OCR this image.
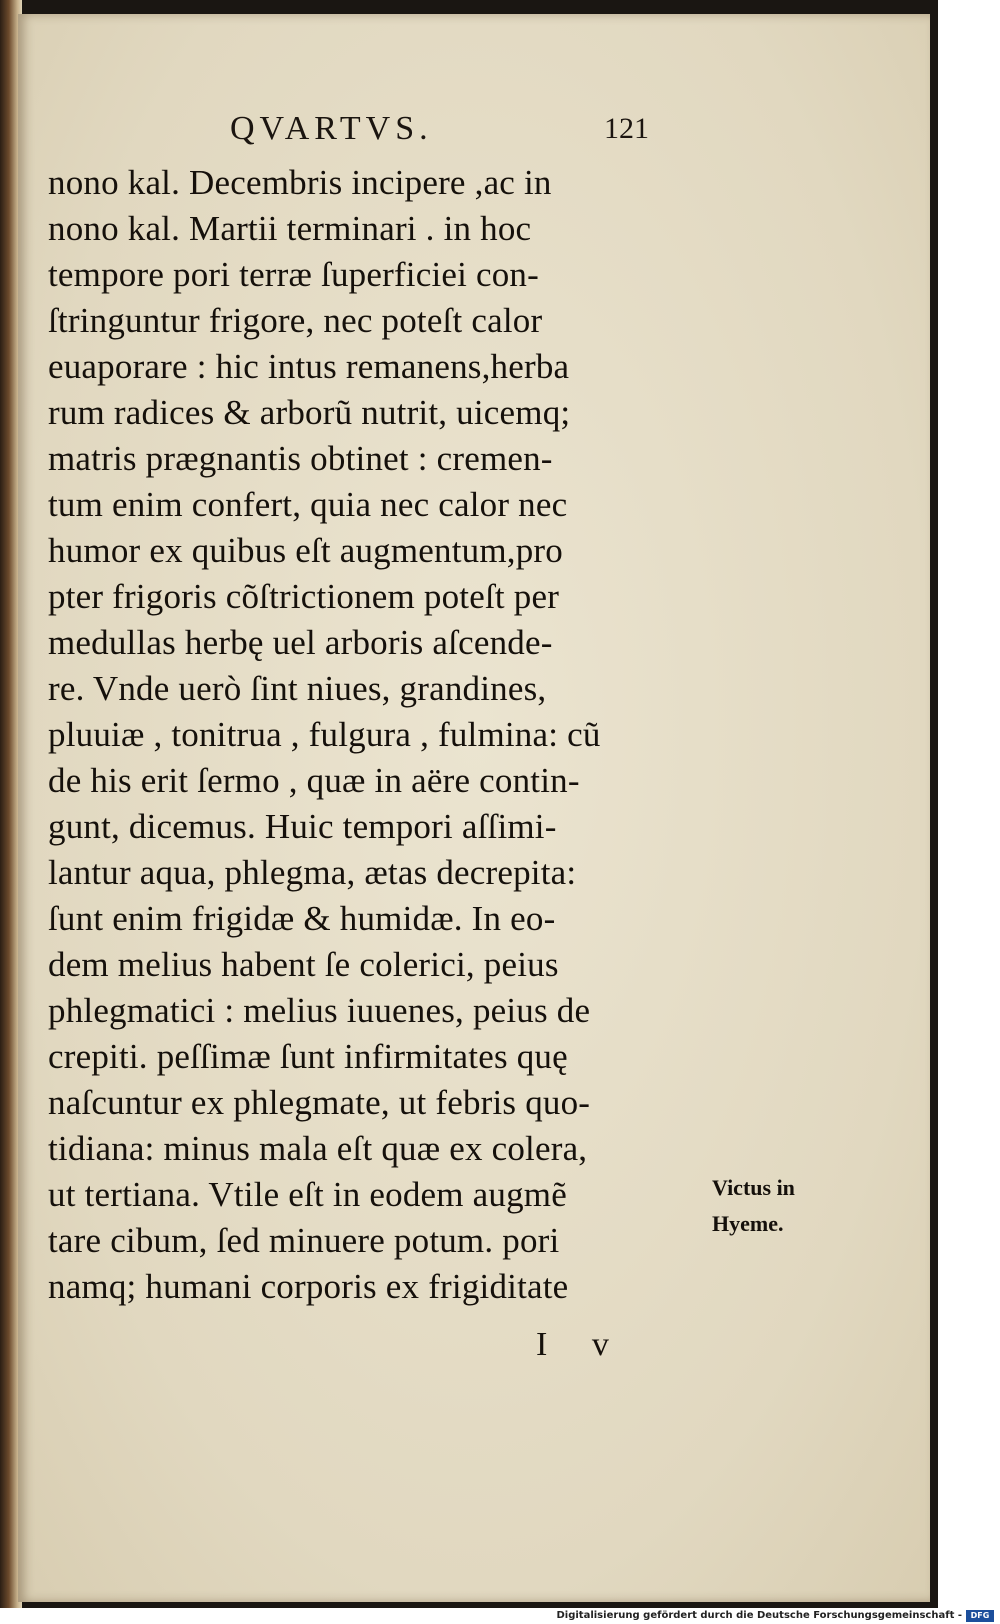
QVARTVS.	121
nono kal. Decembris incipere ,ac in
nono kal. Martii terminari . in hoc
tempore pori terræ ſuperficiei con-
ſtringuntur frigore, nec poteſt calor
euaporare : hic intus remanens,herba
rum radices & arborũ nutrit, uicemq;
matris prægnantis obtinet : cremen-
tum enim confert, quia nec calor nec
humor ex quibus eſt augmentum,pro
pter frigoris cõſtrictionem poteſt per
medullas herbę uel arboris aſcende-
re. Vnde uerò ſint niues, grandines,
pluuiæ , tonitrua , fulgura , fulmina: cũ
de his erit ſermo , quæ in aëre contin-
gunt, dicemus. Huic tempori aſſimi-
lantur aqua, phlegma, ætas decrepita:
ſunt enim frigidæ & humidæ. In eo-
dem melius habent ſe colerici, peius
phlegmatici : melius iuuenes, peius de
crepiti. peſſimæ ſunt infirmitates quę
naſcuntur ex phlegmate, ut febris quo-
tidiana: minus mala eſt quæ ex colera,
ut tertiana. Vtile eſt in eodem augmẽ
tare cibum, ſed minuere potum. pori
namq; humani corporis ex frigiditate
Victus in
Hyeme.
I v
Digitalisierung gefördert durch die Deutsche Forschungsgemeinschaft -	DFG
